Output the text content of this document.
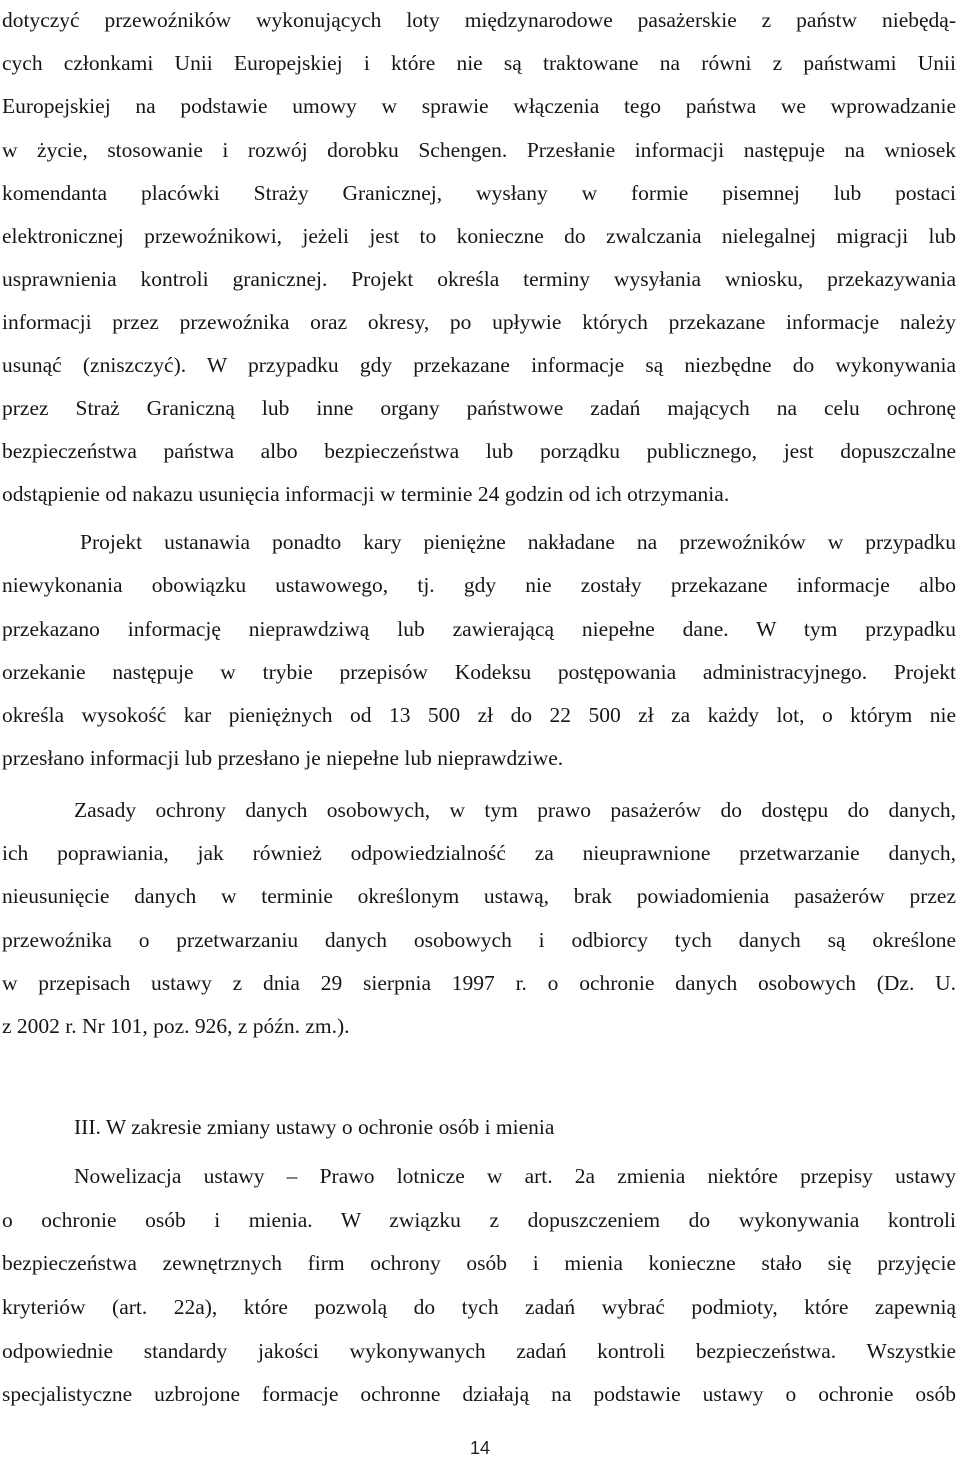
dotyczyć przewoźników wykonujących loty międzynarodowe pasażerskie z państw niebędą-
cych członkami Unii Europejskiej i które nie są traktowane na równi z państwami Unii
Europejskiej na podstawie umowy w sprawie włączenia tego państwa we wprowadzanie
w życie, stosowanie i rozwój dorobku Schengen. Przesłanie informacji następuje na wniosek
komendanta placówki Straży Granicznej, wysłany w formie pisemnej lub postaci
elektronicznej przewoźnikowi, jeżeli jest to konieczne do zwalczania nielegalnej migracji lub
usprawnienia kontroli granicznej. Projekt określa terminy wysyłania wniosku, przekazywania
informacji przez przewoźnika oraz okresy, po upływie których przekazane informacje należy
usunąć (zniszczyć). W przypadku gdy przekazane informacje są niezbędne do wykonywania
przez Straż Graniczną lub inne organy państwowe zadań mających na celu ochronę
bezpieczeństwa państwa albo bezpieczeństwa lub porządku publicznego, jest dopuszczalne
odstąpienie od nakazu usunięcia informacji w terminie 24 godzin od ich otrzymania.
Projekt ustanawia ponadto kary pieniężne nakładane na przewoźników w przypadku
niewykonania obowiązku ustawowego, tj. gdy nie zostały przekazane informacje albo
przekazano informację nieprawdziwą lub zawierającą niepełne dane. W tym przypadku
orzekanie następuje w trybie przepisów Kodeksu postępowania administracyjnego. Projekt
określa wysokość kar pieniężnych od 13 500 zł do 22 500 zł za każdy lot, o którym nie
przesłano informacji lub przesłano je niepełne lub nieprawdziwe.
Zasady ochrony danych osobowych, w tym prawo pasażerów do dostępu do danych,
ich poprawiania, jak również odpowiedzialność za nieuprawnione przetwarzanie danych,
nieusunięcie danych w terminie określonym ustawą, brak powiadomienia pasażerów przez
przewoźnika o przetwarzaniu danych osobowych i odbiorcy tych danych są określone
w przepisach ustawy z dnia 29 sierpnia 1997 r. o ochronie danych osobowych (Dz. U.
z 2002 r. Nr 101, poz. 926, z późn. zm.).
III. W zakresie zmiany ustawy o ochronie osób i mienia
Nowelizacja ustawy – Prawo lotnicze w art. 2a zmienia niektóre przepisy ustawy
o ochronie osób i mienia. W związku z dopuszczeniem do wykonywania kontroli
bezpieczeństwa zewnętrznych firm ochrony osób i mienia konieczne stało się przyjęcie
kryteriów (art. 22a), które pozwolą do tych zadań wybrać podmioty, które zapewnią
odpowiednie standardy jakości wykonywanych zadań kontroli bezpieczeństwa. Wszystkie
specjalistyczne uzbrojone formacje ochronne działają na podstawie ustawy o ochronie osób
14
